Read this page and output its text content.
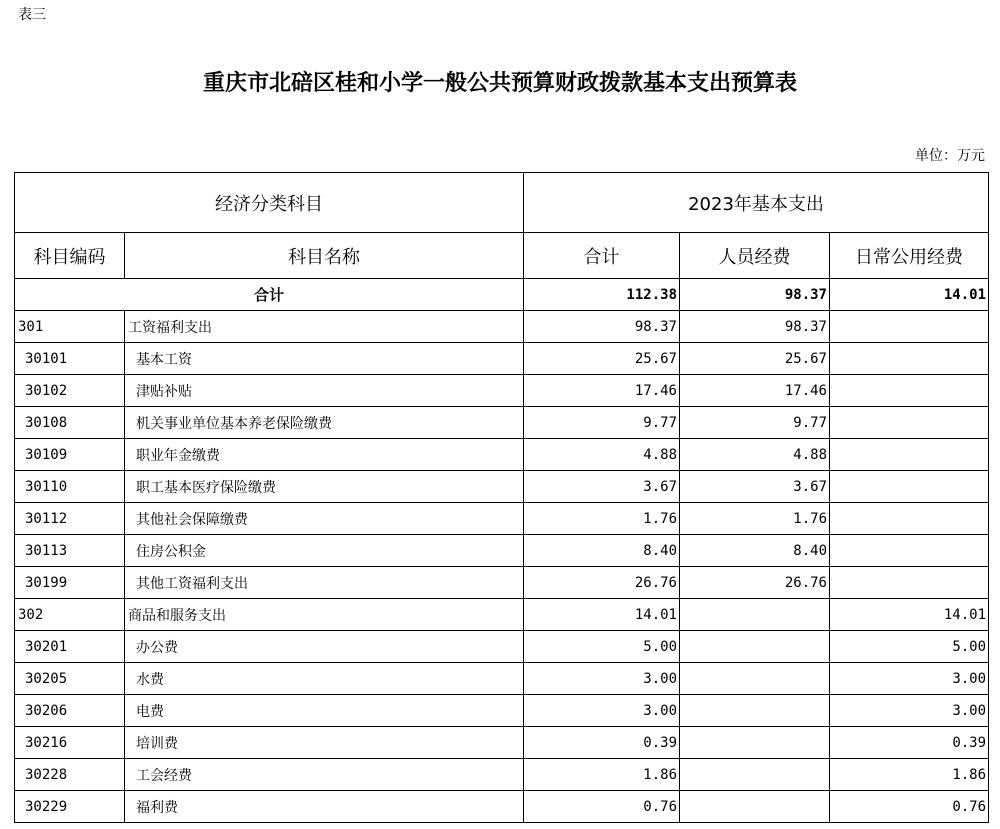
表三
重庆市北碚区桂和小学一般公共预算财政拨款基本支出预算表
单位：万元
经济分类科目		2023年基本支出		
科目编码	科目名称	合计	人员经费	日常公用经费
合计		112.38	98.37	14.01
301	工资福利支出	98.37	98.37	
30101	基本工资	25.67	25.67	
30102	津贴补贴	17.46	17.46	
30108	机关事业单位基本养老保险缴费	9.77	9.77	
30109	职业年金缴费	4.88	4.88	
30110	职工基本医疗保险缴费	3.67	3.67	
30112	其他社会保障缴费	1.76	1.76	
30113	住房公积金	8.40	8.40	
30199	其他工资福利支出	26.76	26.76	
302	商品和服务支出	14.01		14.01
30201	办公费	5.00		5.00
30205	水费	3.00		3.00
30206	电费	3.00		3.00
30216	培训费	0.39		0.39
30228	工会经费	1.86		1.86
30229	福利费	0.76		0.76
